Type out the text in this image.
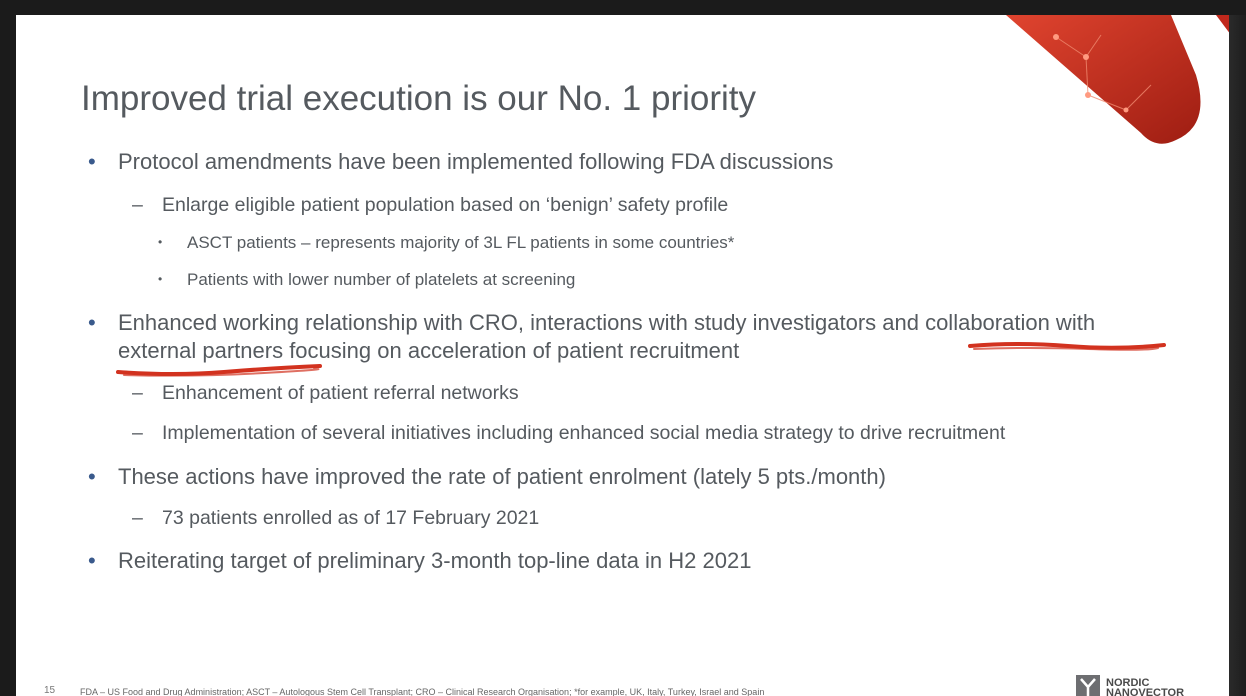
Improved trial execution is our No. 1 priority
• Protocol amendments have been implemented following FDA discussions
– Enlarge eligible patient population based on ‘benign’ safety profile
• ASCT patients – represents majority of 3L FL patients in some countries*
• Patients with lower number of platelets at screening
• Enhanced working relationship with CRO, interactions with study investigators and collaboration with
external partners focusing on acceleration of patient recruitment
– Enhancement of patient referral networks
– Implementation of several initiatives including enhanced social media strategy to drive recruitment
• These actions have improved the rate of patient enrolment (lately 5 pts./month)
– 73 patients enrolled as of 17 February 2021
• Reiterating target of preliminary 3-month top-line data in H2 2021
15	FDA – US Food and Drug Administration; ASCT – Autologous Stem Cell Transplant; CRO – Clinical Research Organisation; *for example, UK, Italy, Turkey, Israel and Spain
NORDIC
NANOVECTOR
